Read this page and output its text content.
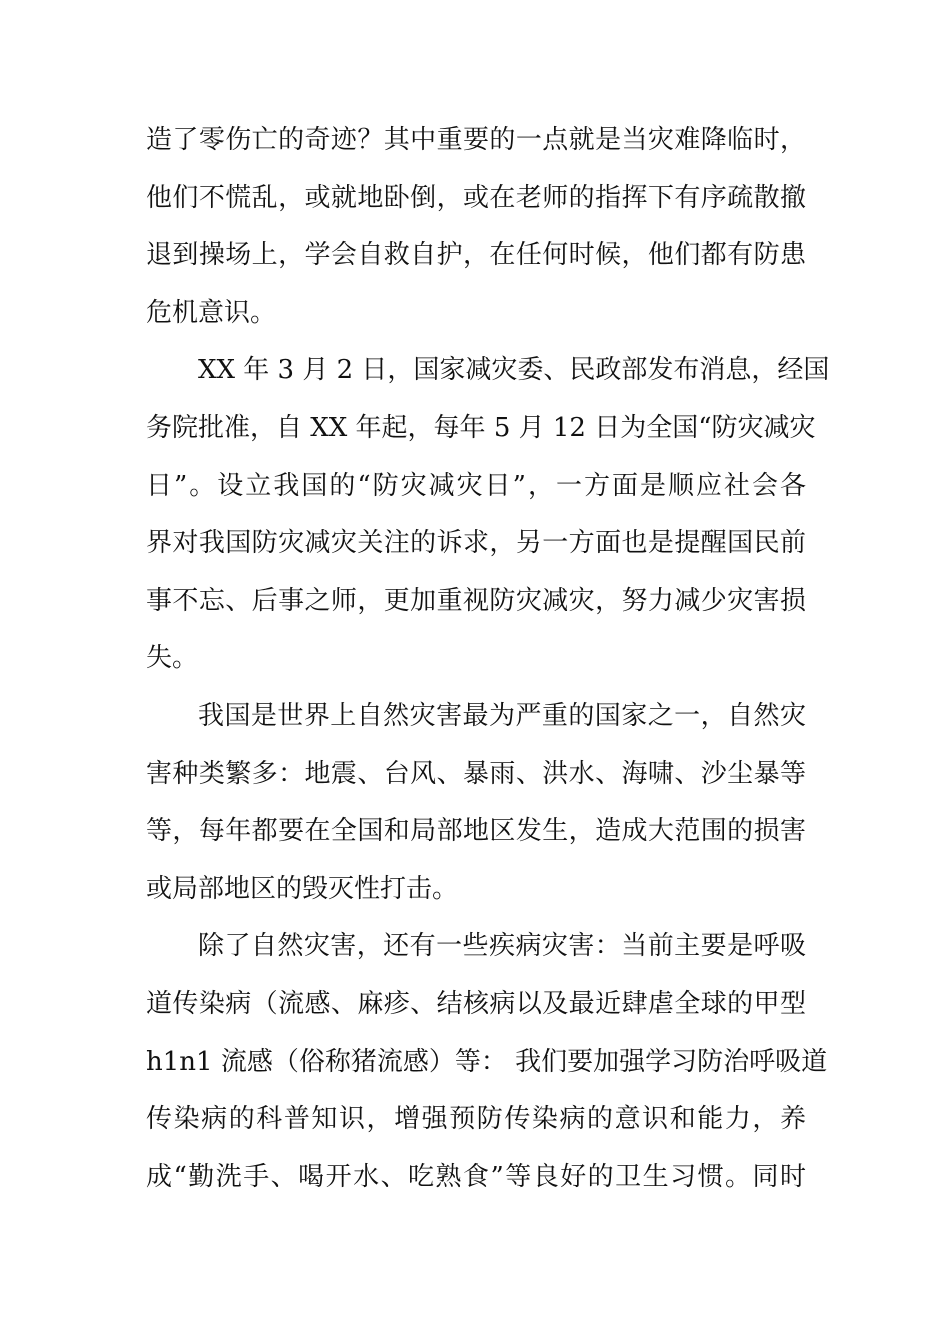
造了零伤亡的奇迹？其中重要的一点就是当灾难降临时，
他们不慌乱，或就地卧倒，或在老师的指挥下有序疏散撤
退到操场上，学会自救自护，在任何时候，他们都有防患
危机意识。
XX 年 3 月 2 日，国家减灾委、民政部发布消息，经国
务院批准，自 XX 年起，每年 5 月 12 日为全国“防灾减灾
日”。设立我国的“防灾减灾日”，一方面是顺应社会各
界对我国防灾减灾关注的诉求，另一方面也是提醒国民前
事不忘、后事之师，更加重视防灾减灾，努力减少灾害损
失。
我国是世界上自然灾害最为严重的国家之一，自然灾
害种类繁多：地震、台风、暴雨、洪水、海啸、沙尘暴等
等，每年都要在全国和局部地区发生，造成大范围的损害
或局部地区的毁灭性打击。
除了自然灾害，还有一些疾病灾害：当前主要是呼吸
道传染病（流感、麻疹、结核病以及最近肆虐全球的甲型
h1n1 流感（俗称猪流感）等： 我们要加强学习防治呼吸道
传染病的科普知识，增强预防传染病的意识和能力，养
成“勤洗手、喝开水、吃熟食”等良好的卫生习惯。同时
